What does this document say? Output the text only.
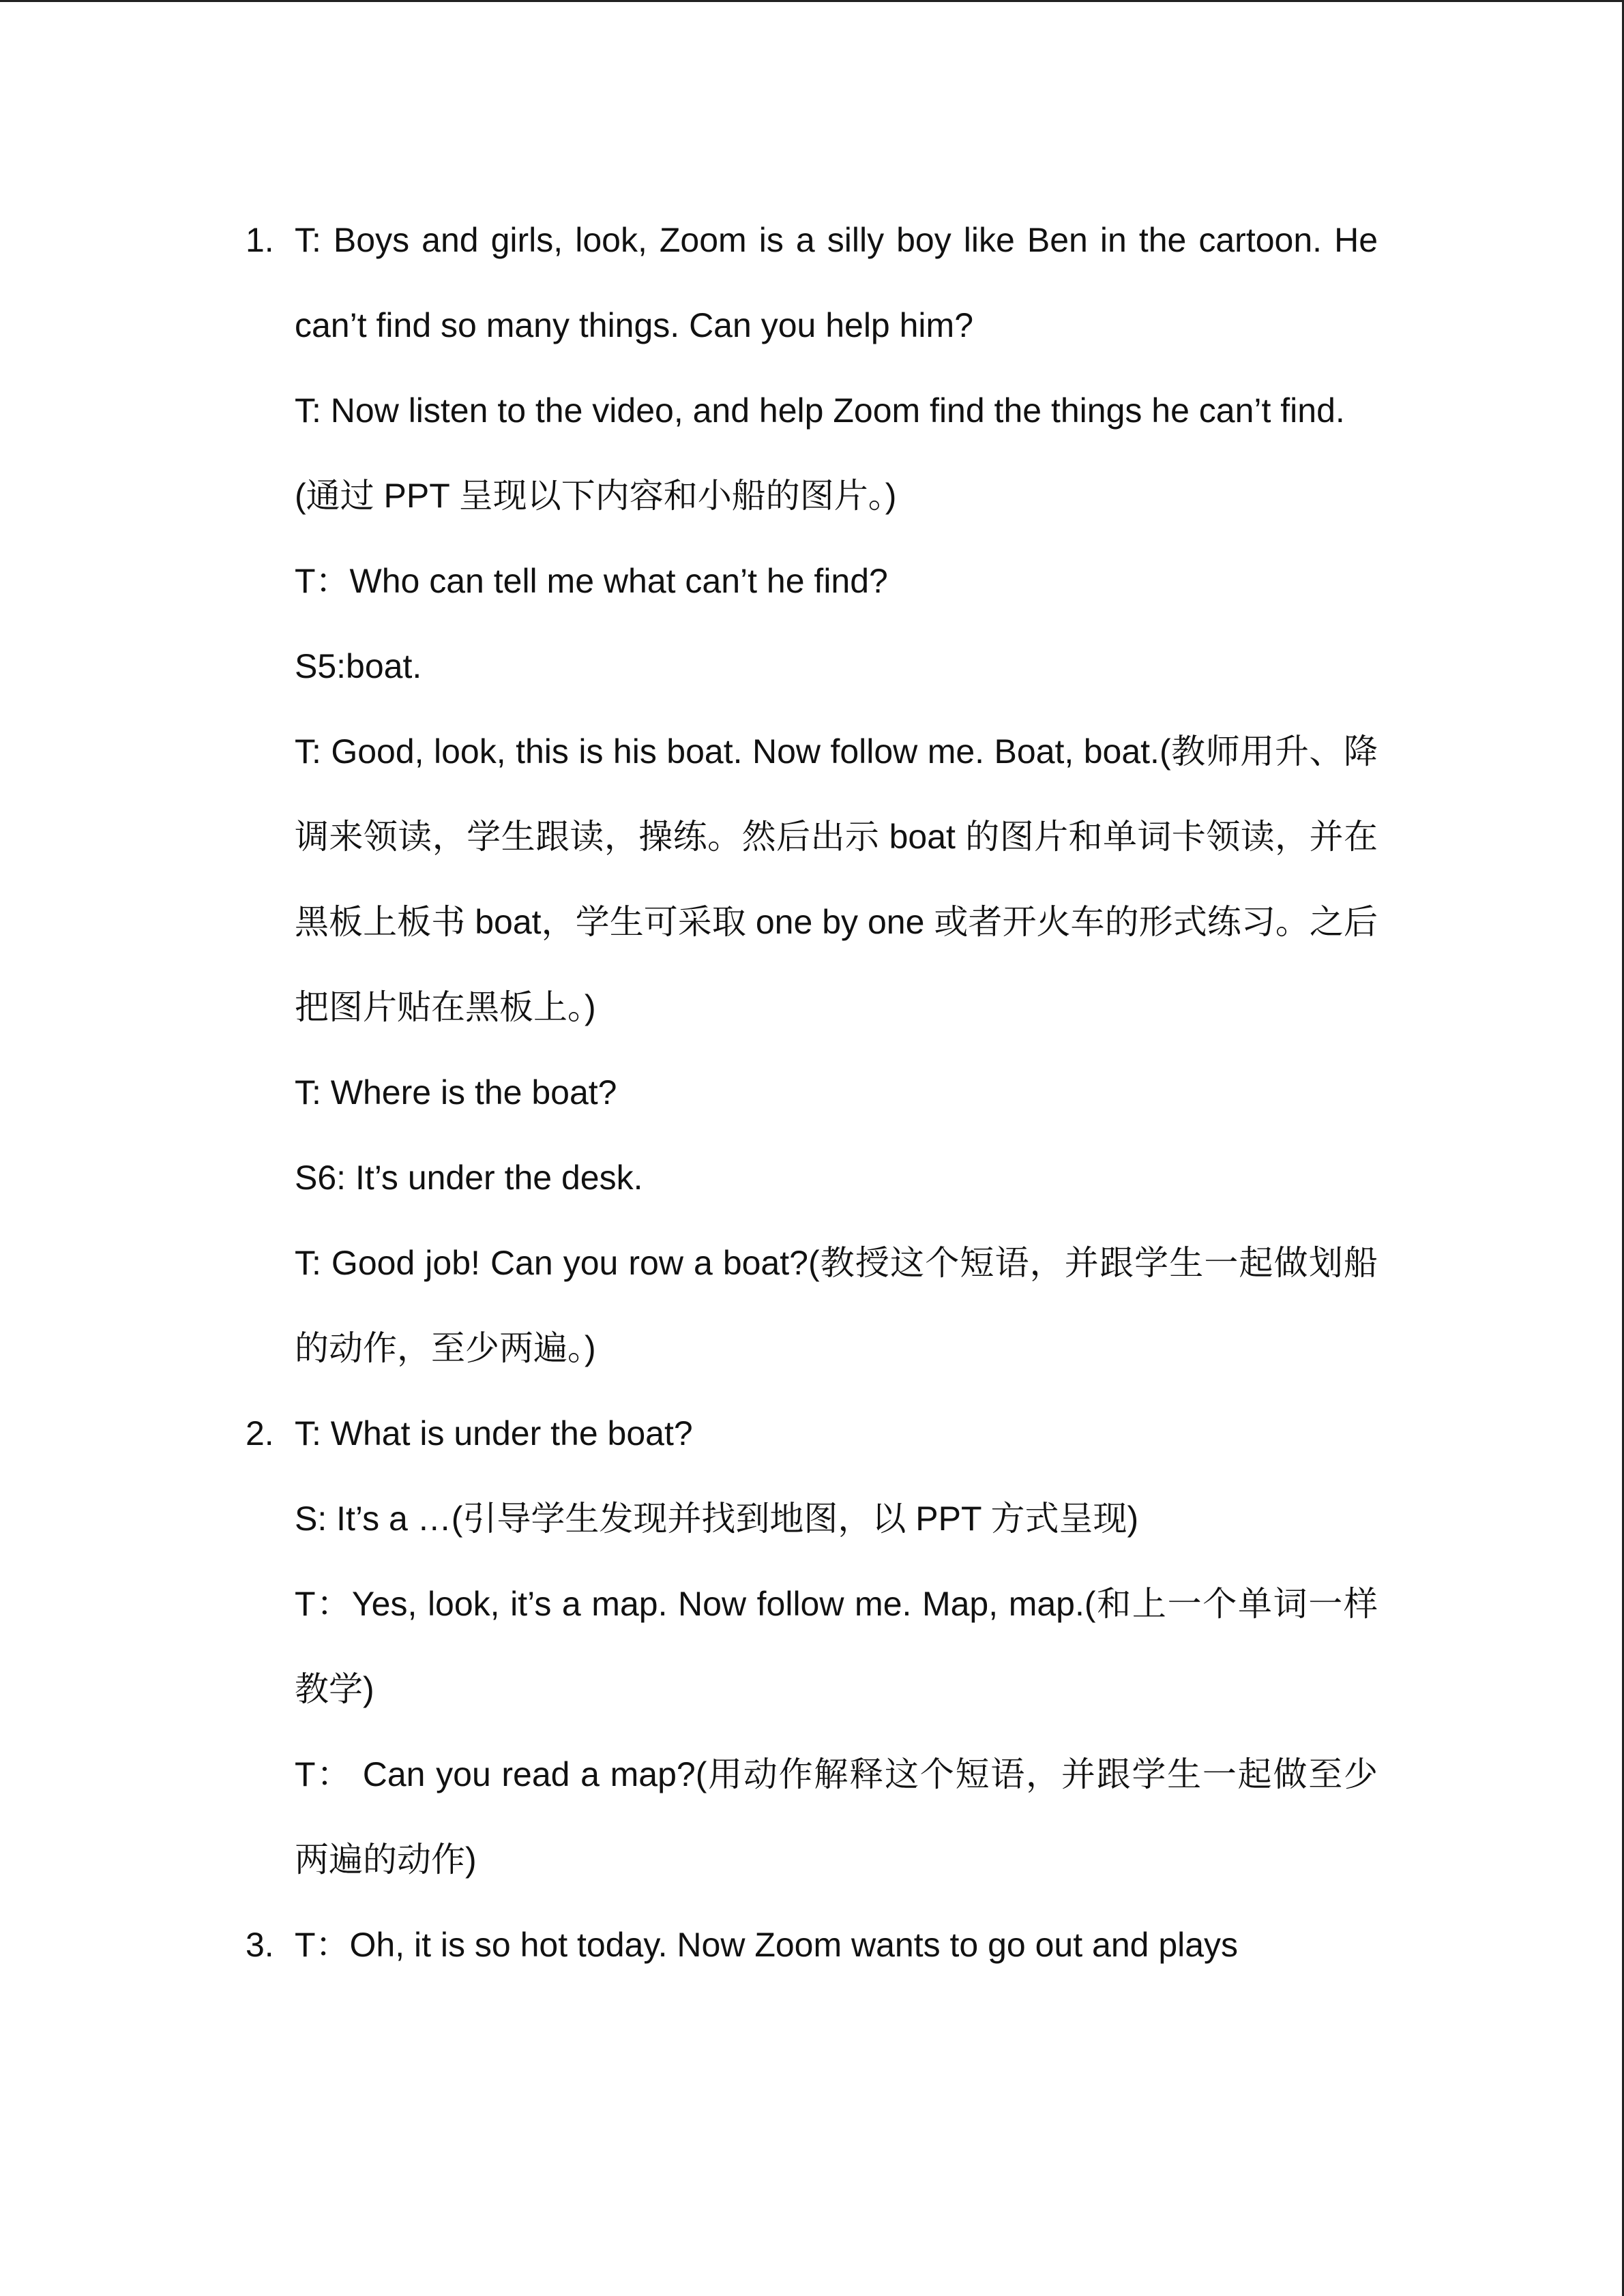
1. T: Boys and girls, look, Zoom is a silly boy like Ben in the cartoon. He can’t find so many things. Can you help him?

T: Now listen to the video, and help Zoom find the things he can’t find.

(通过 PPT 呈现以下内容和小船的图片。)

T：Who can tell me what can’t he find?

S5:boat.

T: Good, look, this is his boat. Now follow me. Boat, boat.(教师用升、降调来领读，学生跟读，操练。然后出示 boat 的图片和单词卡领读，并在黑板上板书 boat，学生可采取 one by one 或者开火车的形式练习。之后把图片贴在黑板上。)

T: Where is the boat?

S6: It’s under the desk.

T: Good job! Can you row a boat?(教授这个短语，并跟学生一起做划船的动作，至少两遍。)

2. T: What is under the boat?

S: It’s a …(引导学生发现并找到地图，以 PPT 方式呈现)

T：Yes, look, it’s a map. Now follow me. Map, map.(和上一个单词一样教学)

T： Can you read a map?(用动作解释这个短语，并跟学生一起做至少两遍的动作)

3. T：Oh, it is so hot today. Now Zoom wants to go out and plays
